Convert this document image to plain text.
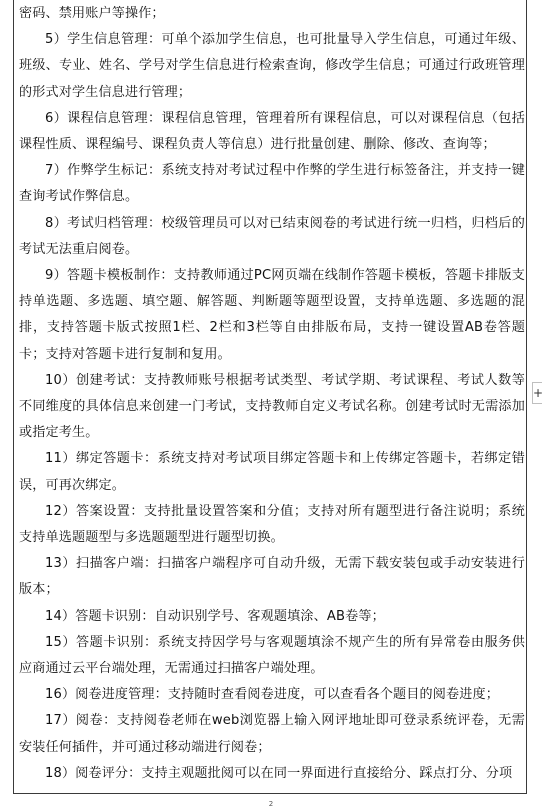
密码、禁用账户等操作；

5）学生信息管理：可单个添加学生信息，也可批量导入学生信息，可通过年级、班级、专业、姓名、学号对学生信息进行检索查询，修改学生信息；可通过行政班管理的形式对学生信息进行管理；

6）课程信息管理：课程信息管理，管理着所有课程信息，可以对课程信息（包括课程性质、课程编号、课程负责人等信息）进行批量创建、删除、修改、查询等；

7）作弊学生标记：系统支持对考试过程中作弊的学生进行标签备注，并支持一键查询考试作弊信息。

8）考试归档管理：校级管理员可以对已结束阅卷的考试进行统一归档，归档后的考试无法重启阅卷。

9）答题卡模板制作：支持教师通过PC网页端在线制作答题卡模板，答题卡排版支持单选题、多选题、填空题、解答题、判断题等题型设置，支持单选题、多选题的混排，支持答题卡版式按照1栏、2栏和3栏等自由排版布局，支持一键设置AB卷答题卡；支持对答题卡进行复制和复用。

10）创建考试：支持教师账号根据考试类型、考试学期、考试课程、考试人数等不同维度的具体信息来创建一门考试，支持教师自定义考试名称。创建考试时无需添加或指定考生。

11）绑定答题卡：系统支持对考试项目绑定答题卡和上传绑定答题卡，若绑定错误，可再次绑定。

12）答案设置：支持批量设置答案和分值；支持对所有题型进行备注说明；系统支持单选题题型与多选题题型进行题型切换。

13）扫描客户端：扫描客户端程序可自动升级，无需下载安装包或手动安装进行版本；

14）答题卡识别：自动识别学号、客观题填涂、AB卷等；

15）答题卡识别：系统支持因学号与客观题填涂不规产生的所有异常卷由服务供应商通过云平台端处理，无需通过扫描客户端处理。

16）阅卷进度管理：支持随时查看阅卷进度，可以查看各个题目的阅卷进度；

17）阅卷：支持阅卷老师在web浏览器上输入网评地址即可登录系统评卷，无需安装任何插件，并可通过移动端进行阅卷；

18）阅卷评分：支持主观题批阅可以在同一界面进行直接给分、踩点打分、分项

+
2
